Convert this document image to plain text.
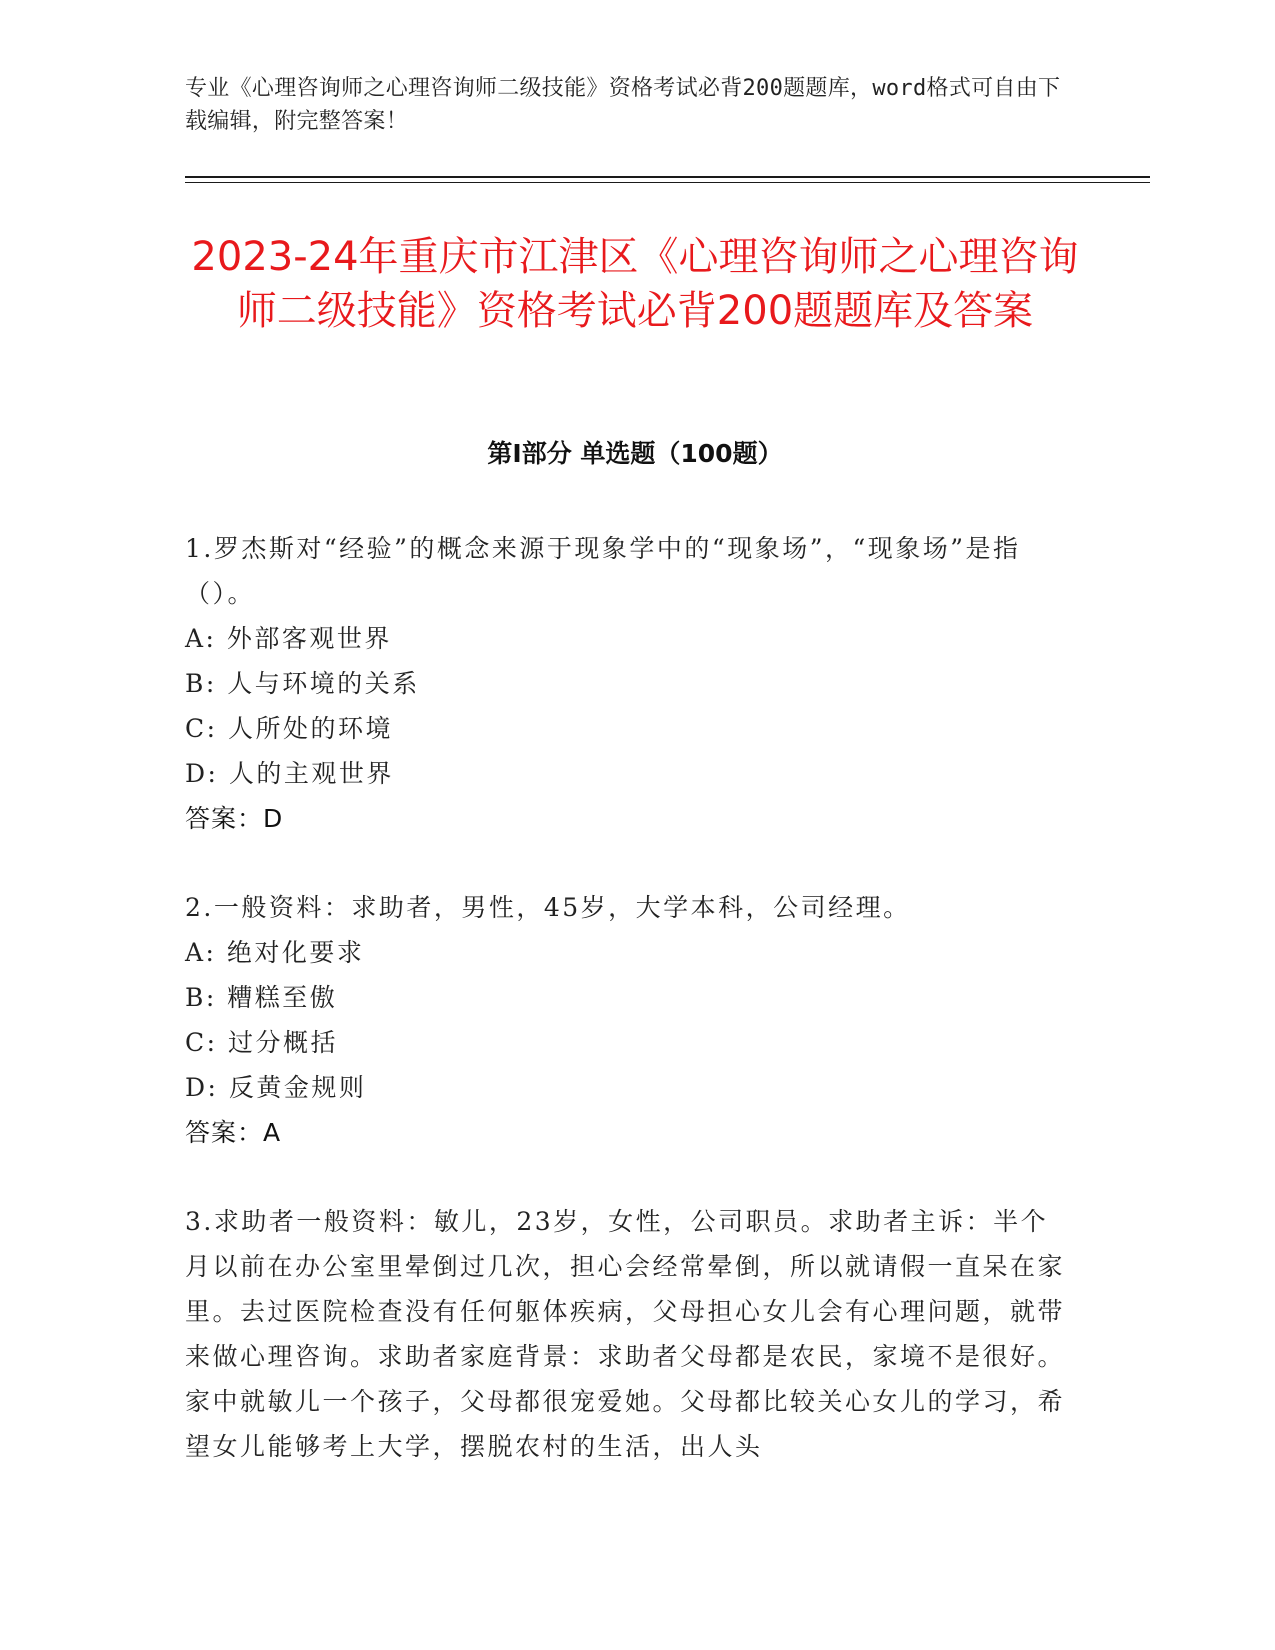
专业《心理咨询师之心理咨询师二级技能》资格考试必背200题题库，word格式可自由下载编辑，附完整答案！
2023-24年重庆市江津区《心理咨询师之心理咨询师二级技能》资格考试必背200题题库及答案
第Ⅰ部分 单选题（100题）

1.罗杰斯对“经验”的概念来源于现象学中的“现象场”，“现象场”是指（）。

A: 外部客观世界

B: 人与环境的关系

C: 人所处的环境

D: 人的主观世界

答案：D

2.一般资料：求助者，男性，45岁，大学本科，公司经理。

A: 绝对化要求

B: 糟糕至傲

C: 过分概括

D: 反黄金规则

答案：A

3.求助者一般资料：敏儿，23岁，女性，公司职员。求助者主诉：半个月以前在办公室里晕倒过几次，担心会经常晕倒，所以就请假一直呆在家里。去过医院检查没有任何躯体疾病，父母担心女儿会有心理问题，就带来做心理咨询。求助者家庭背景：求助者父母都是农民，家境不是很好。家中就敏儿一个孩子，父母都很宠爱她。父母都比较关心女儿的学习，希望女儿能够考上大学，摆脱农村的生活，出人头
